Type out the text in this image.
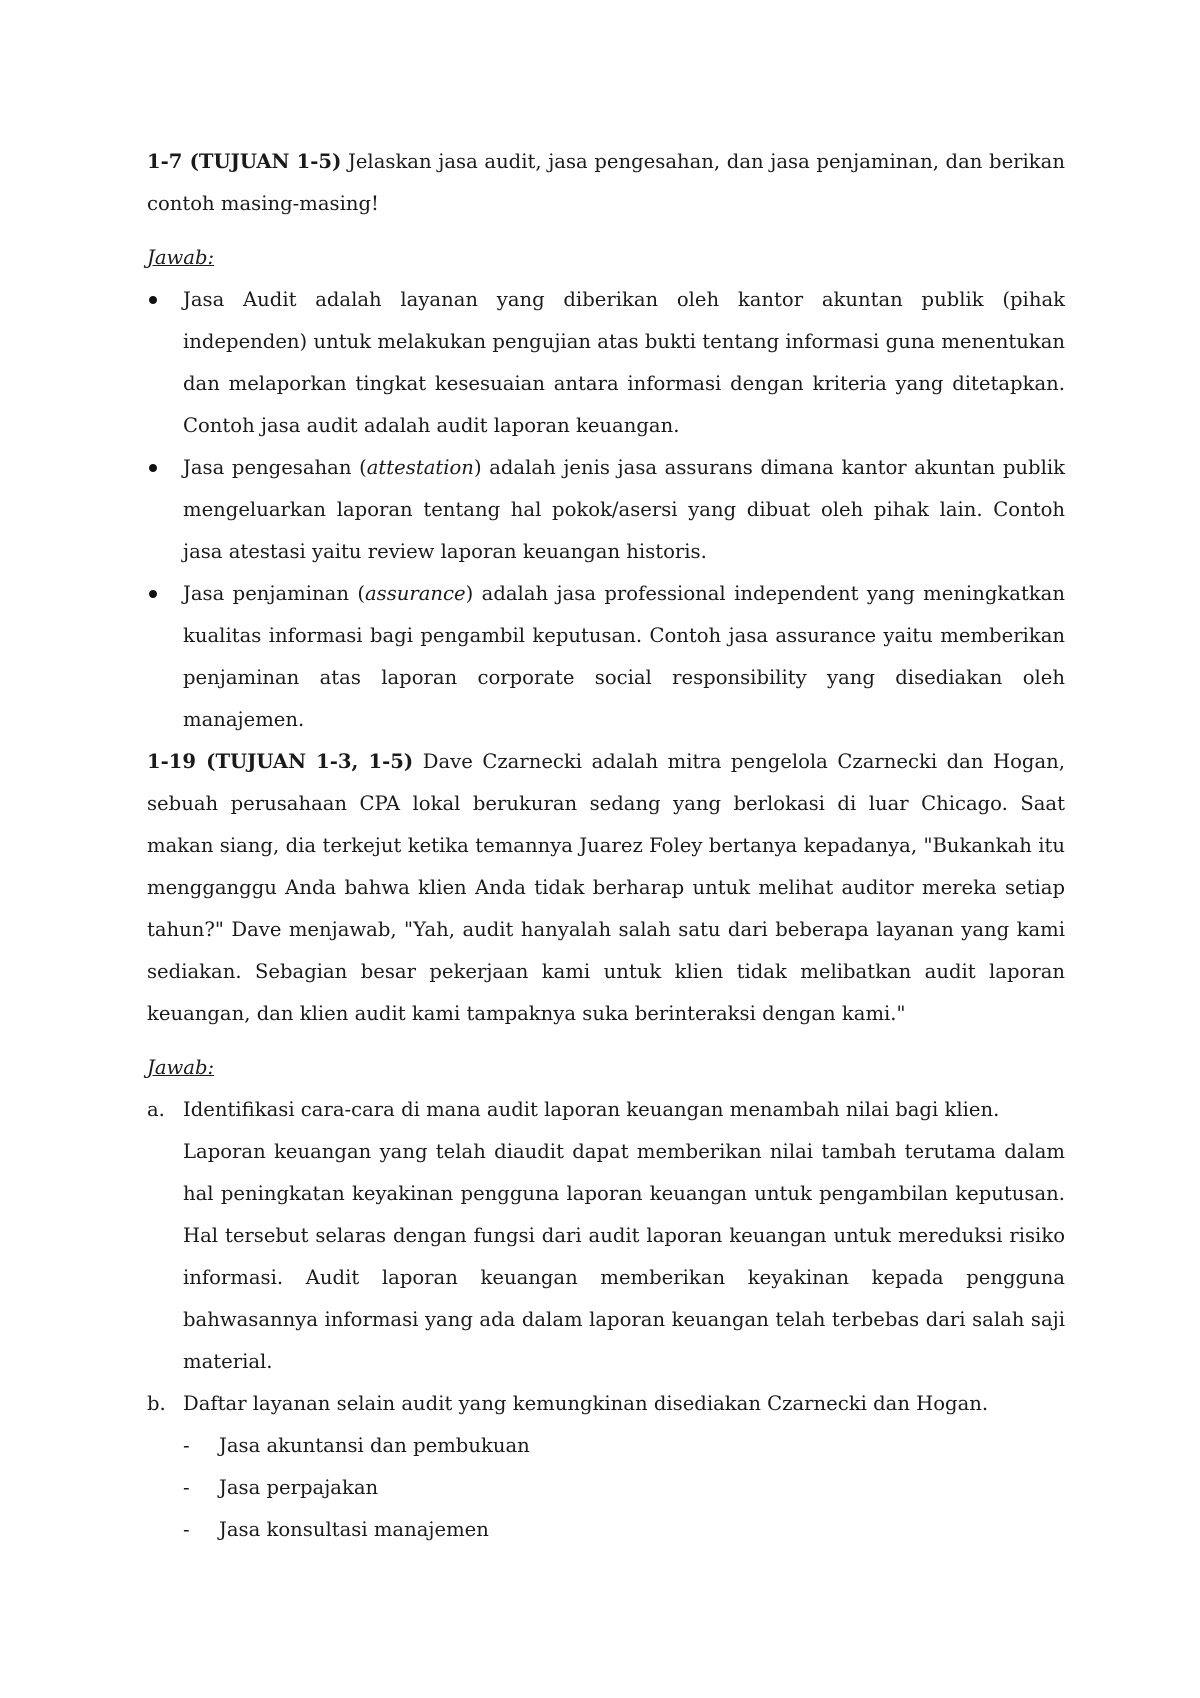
1-7 (TUJUAN 1-5) Jelaskan jasa audit, jasa pengesahan, dan jasa penjaminan, dan berikan contoh masing-masing!

Jawab:

Jasa Audit adalah layanan yang diberikan oleh kantor akuntan publik (pihak independen) untuk melakukan pengujian atas bukti tentang informasi guna menentukan dan melaporkan tingkat kesesuaian antara informasi dengan kriteria yang ditetapkan. Contoh jasa audit adalah audit laporan keuangan.
Jasa pengesahan (attestation) adalah jenis jasa assurans dimana kantor akuntan publik mengeluarkan laporan tentang hal pokok/asersi yang dibuat oleh pihak lain. Contoh jasa atestasi yaitu review laporan keuangan historis.
Jasa penjaminan (assurance) adalah jasa professional independent yang meningkatkan kualitas informasi bagi pengambil keputusan. Contoh jasa assurance yaitu memberikan penjaminan atas laporan corporate social responsibility yang disediakan oleh manajemen.

1-19 (TUJUAN 1-3, 1-5) Dave Czarnecki adalah mitra pengelola Czarnecki dan Hogan, sebuah perusahaan CPA lokal berukuran sedang yang berlokasi di luar Chicago. Saat makan siang, dia terkejut ketika temannya Juarez Foley bertanya kepadanya, "Bukankah itu mengganggu Anda bahwa klien Anda tidak berharap untuk melihat auditor mereka setiap tahun?" Dave menjawab, "Yah, audit hanyalah salah satu dari beberapa layanan yang kami sediakan. Sebagian besar pekerjaan kami untuk klien tidak melibatkan audit laporan keuangan, dan klien audit kami tampaknya suka berinteraksi dengan kami."

Jawab:

a. Identifikasi cara-cara di mana audit laporan keuangan menambah nilai bagi klien.

Laporan keuangan yang telah diaudit dapat memberikan nilai tambah terutama dalam hal peningkatan keyakinan pengguna laporan keuangan untuk pengambilan keputusan. Hal tersebut selaras dengan fungsi dari audit laporan keuangan untuk mereduksi risiko informasi. Audit laporan keuangan memberikan keyakinan kepada pengguna bahwasannya informasi yang ada dalam laporan keuangan telah terbebas dari salah saji material.

b. Daftar layanan selain audit yang kemungkinan disediakan Czarnecki dan Hogan.

- Jasa akuntansi dan pembukuan
- Jasa perpajakan
- Jasa konsultasi manajemen
